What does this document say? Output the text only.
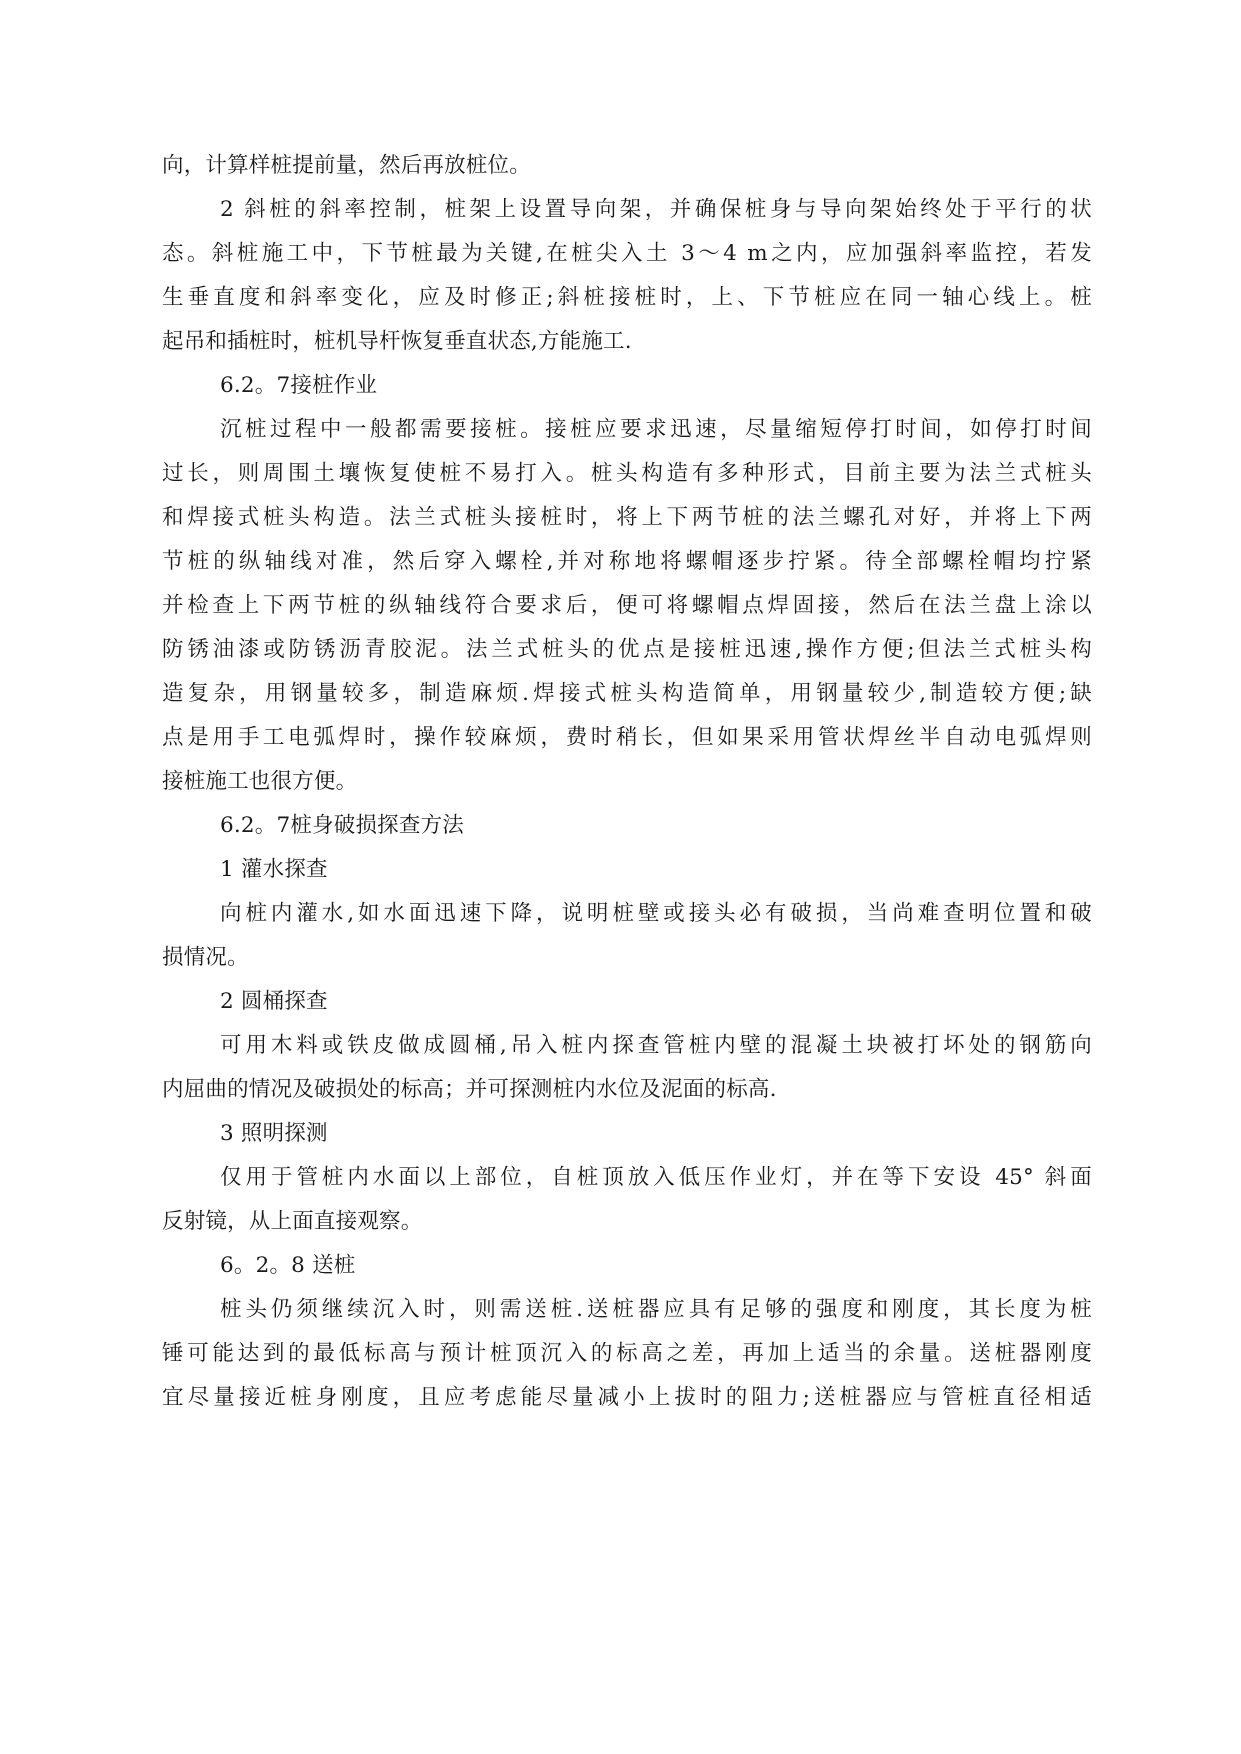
向，计算样桩提前量，然后再放桩位。
2 斜桩的斜率控制，桩架上设置导向架，并确保桩身与导向架始终处于平行的状
态。斜桩施工中，下节桩最为关键,在桩尖入土 3～4 m之内，应加强斜率监控，若发
生垂直度和斜率变化，应及时修正;斜桩接桩时，上、下节桩应在同一轴心线上。桩
起吊和插桩时，桩机导杆恢复垂直状态,方能施工.
6.2。7接桩作业
沉桩过程中一般都需要接桩。接桩应要求迅速，尽量缩短停打时间，如停打时间
过长，则周围土壤恢复使桩不易打入。桩头构造有多种形式，目前主要为法兰式桩头
和焊接式桩头构造。法兰式桩头接桩时，将上下两节桩的法兰螺孔对好，并将上下两
节桩的纵轴线对准，然后穿入螺栓,并对称地将螺帽逐步拧紧。待全部螺栓帽均拧紧
并检查上下两节桩的纵轴线符合要求后，便可将螺帽点焊固接，然后在法兰盘上涂以
防锈油漆或防锈沥青胶泥。法兰式桩头的优点是接桩迅速,操作方便;但法兰式桩头构
造复杂，用钢量较多，制造麻烦.焊接式桩头构造简单，用钢量较少,制造较方便;缺
点是用手工电弧焊时，操作较麻烦，费时稍长，但如果采用管状焊丝半自动电弧焊则
接桩施工也很方便。
6.2。7桩身破损探查方法
1 灌水探查
向桩内灌水,如水面迅速下降，说明桩壁或接头必有破损，当尚难查明位置和破
损情况。
2 圆桶探查
可用木料或铁皮做成圆桶,吊入桩内探查管桩内壁的混凝土块被打坏处的钢筋向
内屈曲的情况及破损处的标高；并可探测桩内水位及泥面的标高.
3 照明探测
仅用于管桩内水面以上部位，自桩顶放入低压作业灯，并在等下安设 45° 斜面
反射镜，从上面直接观察。
6。2。8 送桩
桩头仍须继续沉入时，则需送桩.送桩器应具有足够的强度和刚度，其长度为桩
锤可能达到的最低标高与预计桩顶沉入的标高之差，再加上适当的余量。送桩器刚度
宜尽量接近桩身刚度，且应考虑能尽量减小上拔时的阻力;送桩器应与管桩直径相适
